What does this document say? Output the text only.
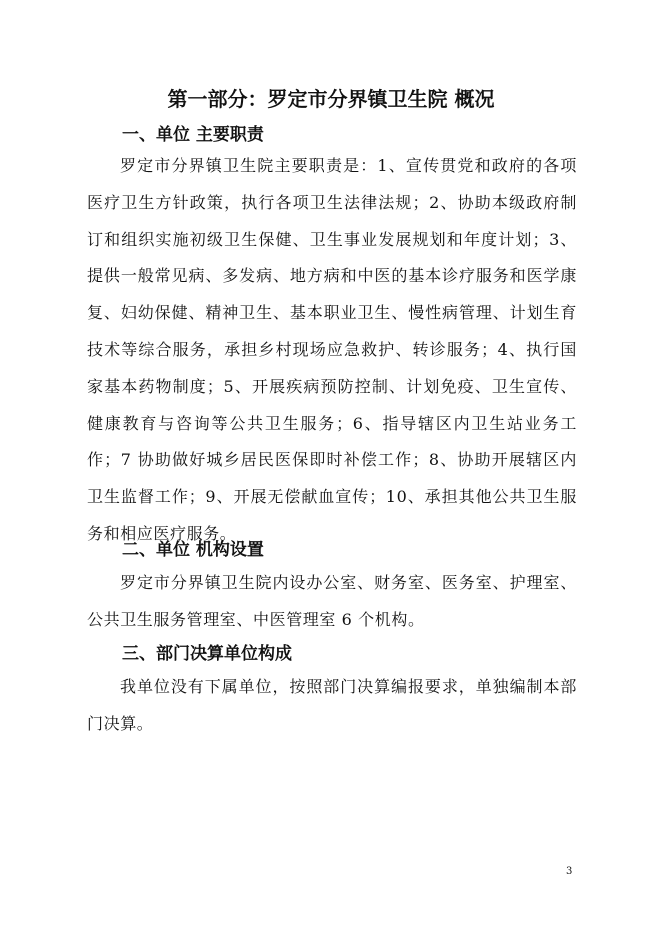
第一部分：罗定市分界镇卫生院 概况
一、单位 主要职责
罗定市分界镇卫生院主要职责是：1、宣传贯党和政府的各项医疗卫生方针政策，执行各项卫生法律法规；2、协助本级政府制订和组织实施初级卫生保健、卫生事业发展规划和年度计划；3、提供一般常见病、多发病、地方病和中医的基本诊疗服务和医学康复、妇幼保健、精神卫生、基本职业卫生、慢性病管理、计划生育技术等综合服务，承担乡村现场应急救护、转诊服务；4、执行国家基本药物制度；5、开展疾病预防控制、计划免疫、卫生宣传、健康教育与咨询等公共卫生服务；6、指导辖区内卫生站业务工作；7 协助做好城乡居民医保即时补偿工作；8、协助开展辖区内卫生监督工作；9、开展无偿献血宣传；10、承担其他公共卫生服务和相应医疗服务。
二、单位 机构设置
罗定市分界镇卫生院内设办公室、财务室、医务室、护理室、公共卫生服务管理室、中医管理室 6 个机构。
三、部门决算单位构成
我单位没有下属单位，按照部门决算编报要求，单独编制本部门决算。
3
